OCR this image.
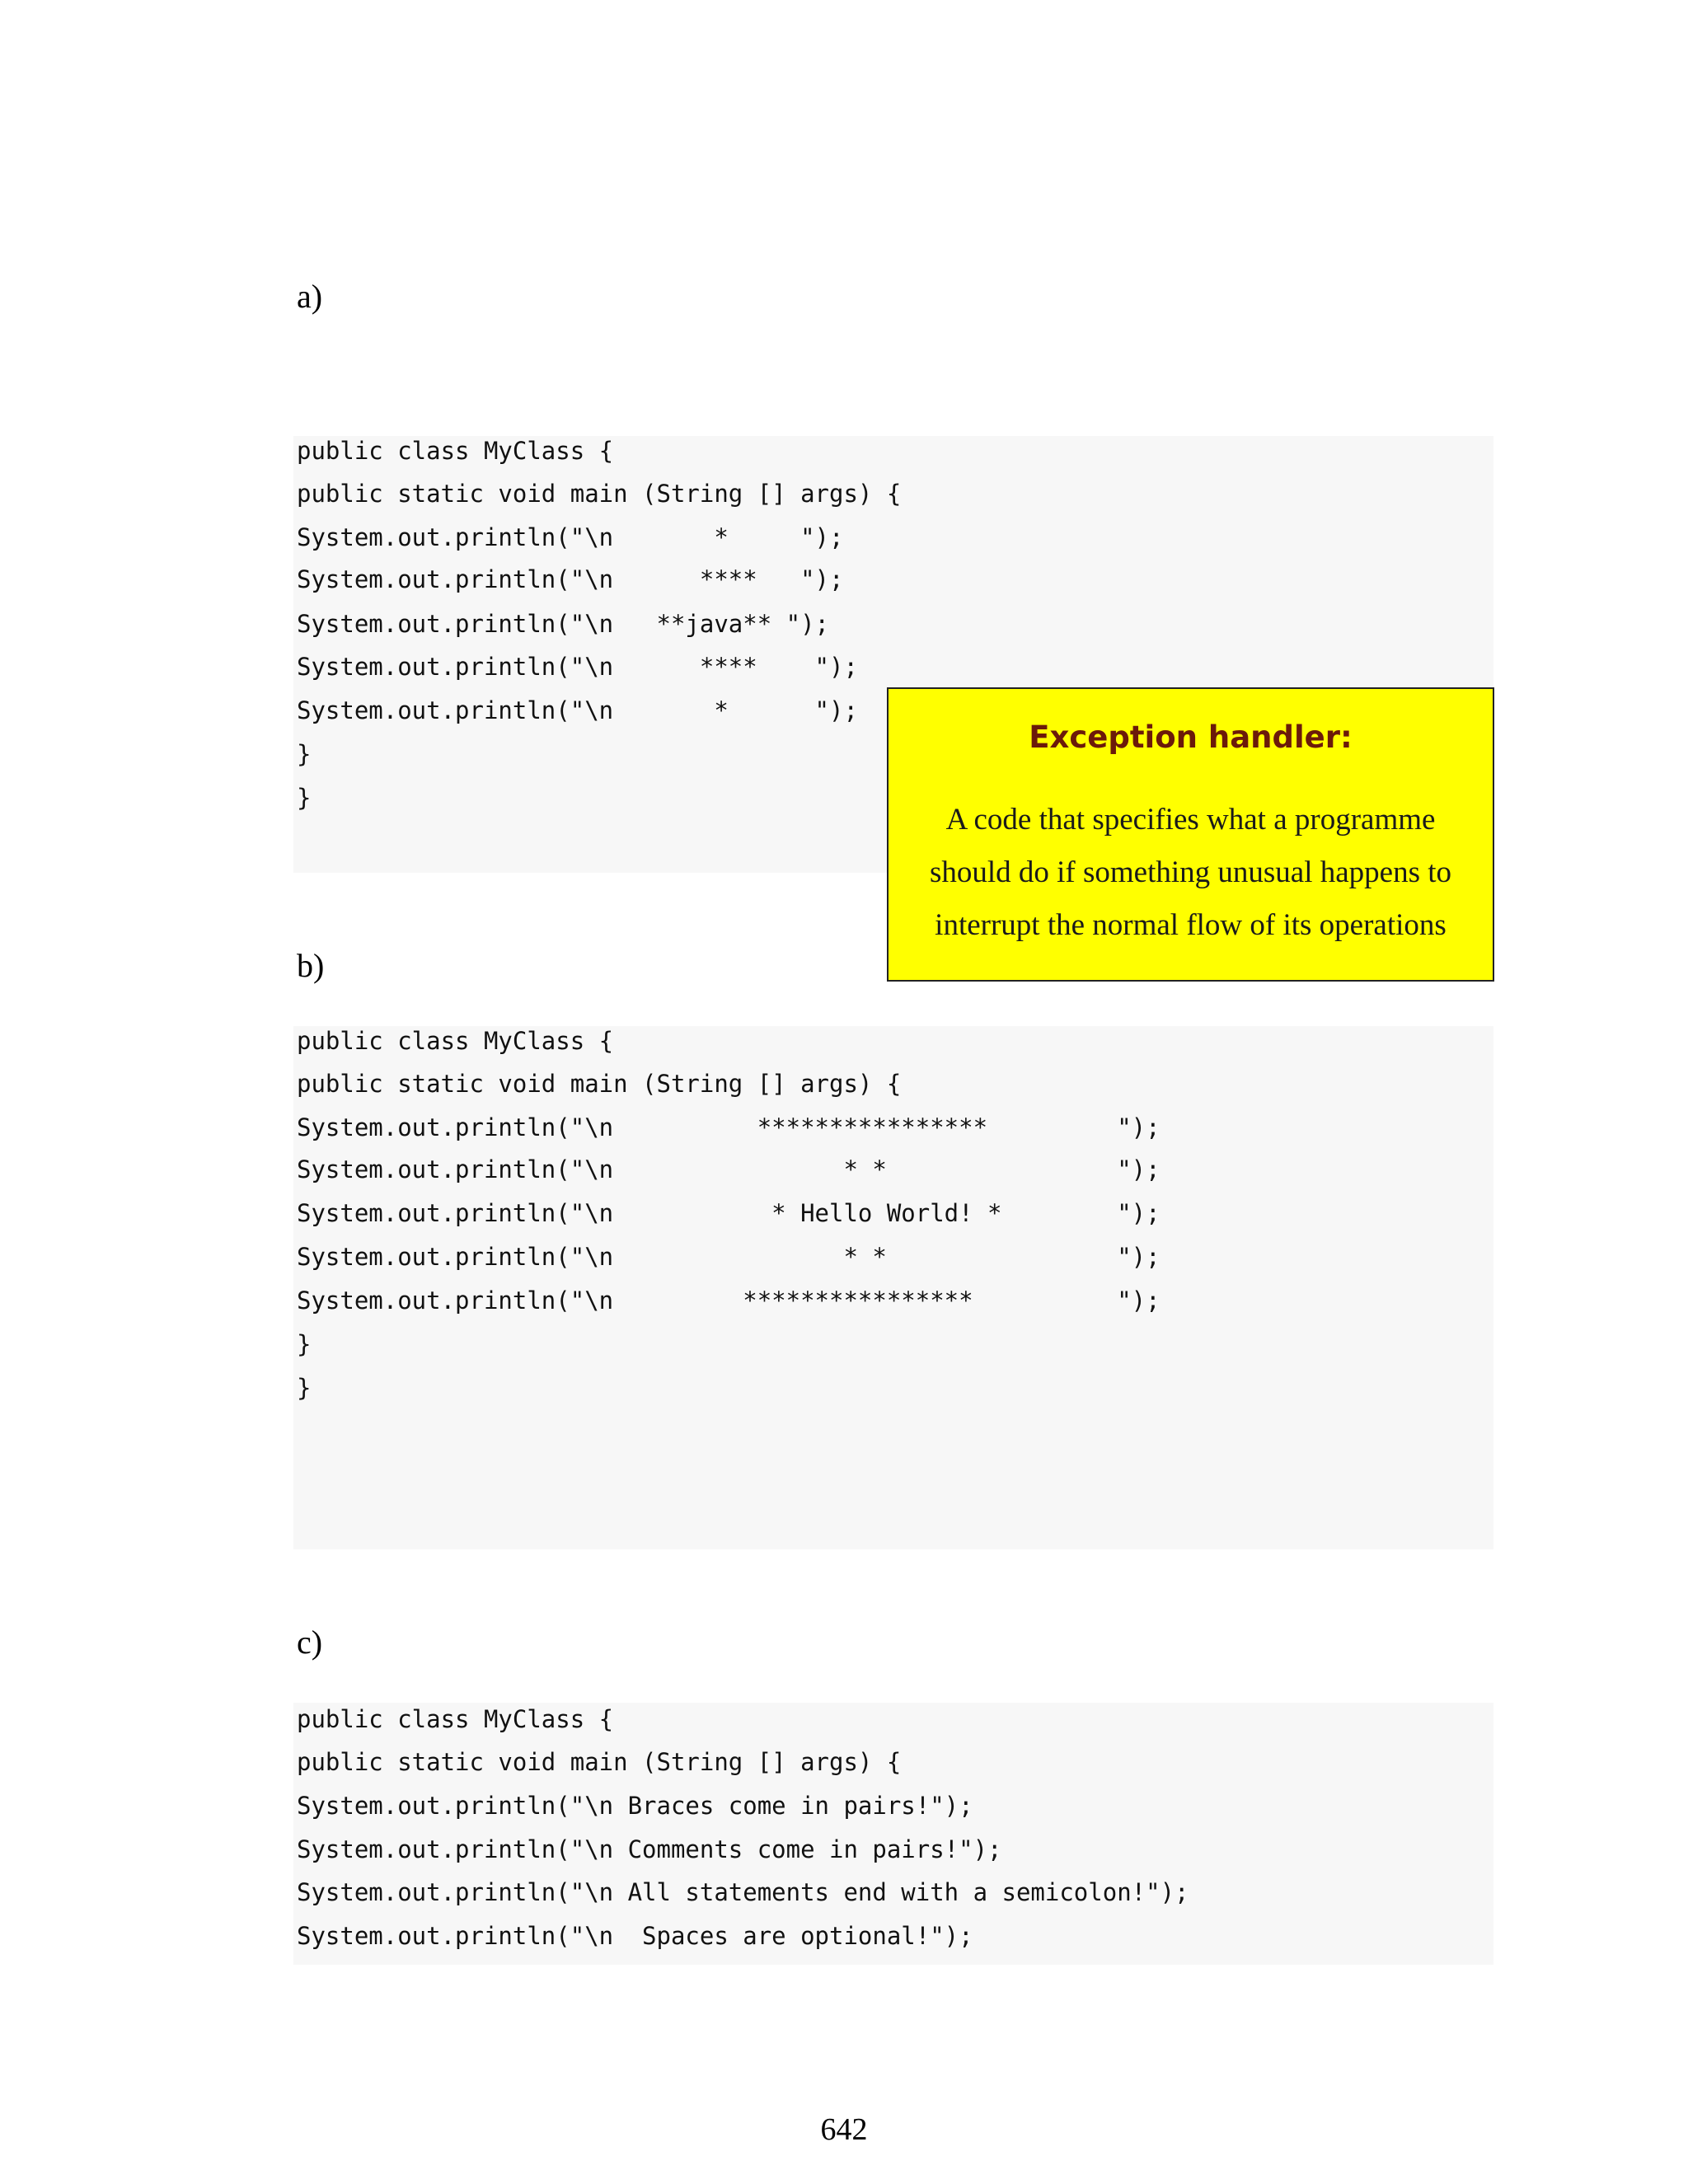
a)
public class MyClass {
public static void main (String [] args) {
System.out.println("\n       *     ");
System.out.println("\n      ****   ");
System.out.println("\n   **java** ");
System.out.println("\n      ****    ");
System.out.println("\n       *      ");
}
}
Exception handler:
A code that specifies what a programme
should do if something unusual happens to
interrupt the normal flow of its operations
b)
public class MyClass {
public static void main (String [] args) {
System.out.println("\n          ****************         ");
System.out.println("\n                * *                ");
System.out.println("\n           * Hello World! *        ");
System.out.println("\n                * *                ");
System.out.println("\n         ****************          ");
}
}
c)
public class MyClass {
public static void main (String [] args) {
System.out.println("\n Braces come in pairs!");
System.out.println("\n Comments come in pairs!");
System.out.println("\n All statements end with a semicolon!");
System.out.println("\n  Spaces are optional!");
642
